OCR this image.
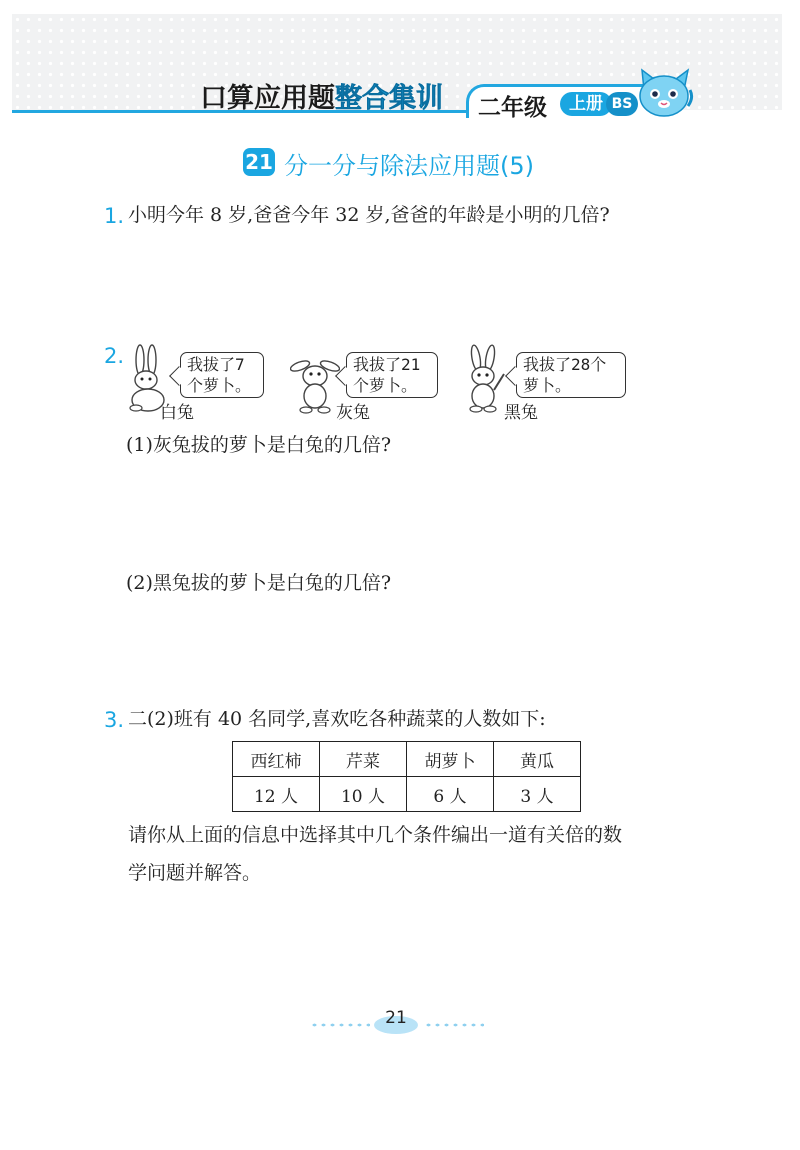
口算应用题整合集训 二年级	上册 BS
21 分一分与除法应用题(5)
1. 小明今年 8 岁,爸爸今年 32 岁,爸爸的年龄是小明的几倍?
2.	我拔了7
个萝卜。
白兔
我拔了21
个萝卜。
灰兔
我拔了28个
萝卜。
黑兔
(1)灰兔拔的萝卜是白兔的几倍?
(2)黑兔拔的萝卜是白兔的几倍?
3. 二(2)班有 40 名同学,喜欢吃各种蔬菜的人数如下:
西红柿	芹菜	胡萝卜	黄瓜
12 人	10 人	6 人	3 人
请你从上面的信息中选择其中几个条件编出一道有关倍的数
学问题并解答。
21
